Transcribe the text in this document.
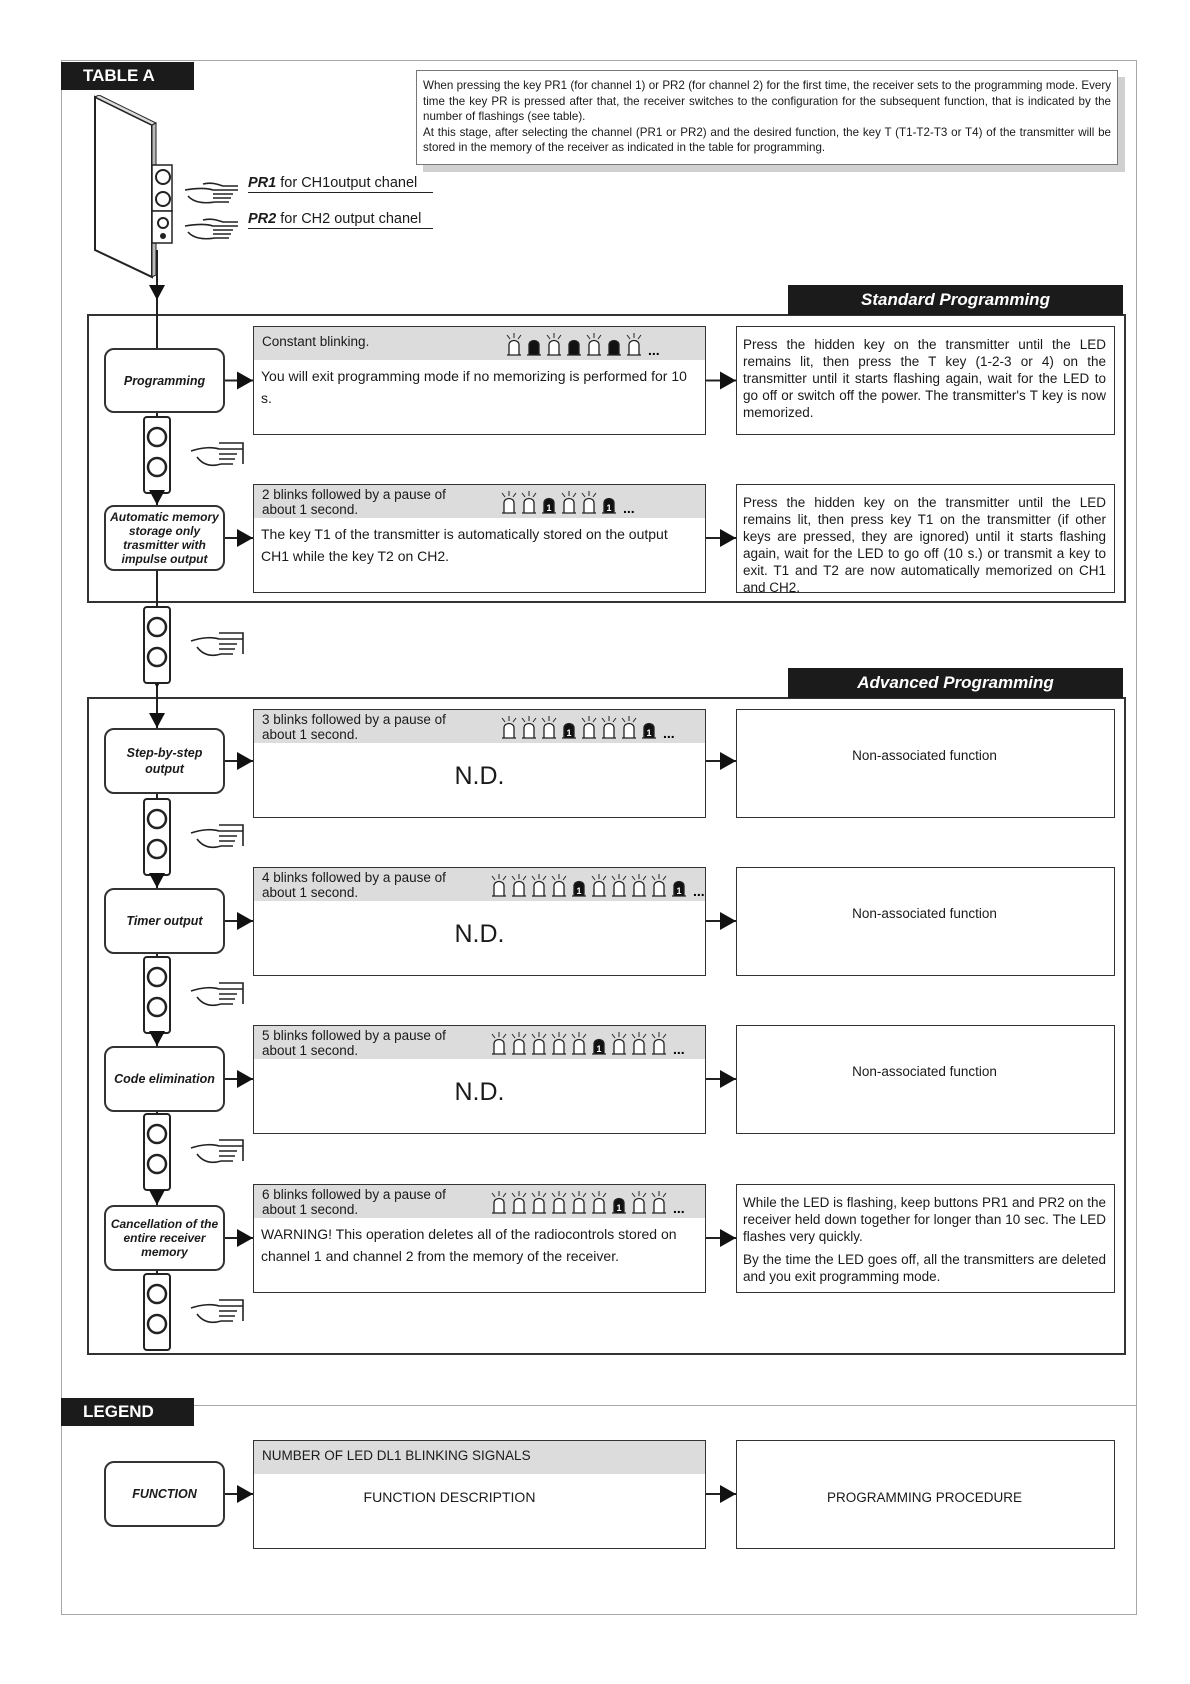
TABLE A

When pressing the key PR1 (for channel 1) or PR2 (for channel 2) for the first time, the receiver sets to the programming mode. Every time the key PR is pressed after that, the receiver switches to the configuration for the subsequent function, that is indicated by the number of flashings (see table).

At this stage, after selecting the channel (PR1 or PR2) and the desired function, the key T (T1-T2-T3 or T4) of the transmitter will be stored in the memory of the receiver as indicated in the table for programming.

PR1 for CH1output chanel
PR2 for CH2 output chanel
Standard Programming
Advanced Programming
LEGEND
Programming
Constant blinking.
...
You will exit programming mode if no memorizing is performed for 10 s.

Press the hidden key on the transmitter until the LED remains lit, then press the T key (1-2-3 or 4) on the transmitter until it starts flashing again, wait for the LED to go off or switch off the power. The transmitter's T key is now memorized.

Automatic memory storage only trasmitter with impulse output
2 blinks followed by a pause of about 1 second.	1	1 ...
The key T1 of the transmitter is automatically stored on the output CH1 while the key T2 on CH2.

Press the hidden key on the transmitter until the LED remains lit, then press key T1 on the transmitter (if other keys are pressed, they are ignored) until it starts flashing again, wait for the LED to go off (10 s.) or transmit a key to exit. T1 and T2 are now automatically memorized on CH1 and CH2.

Step-by-step output
3 blinks followed by a pause of about 1 second.	1	1 ...
N.D.

Non-associated function

Timer output
4 blinks followed by a pause of about 1 second.	1	1 ...
N.D.

Non-associated function

Code elimination
5 blinks followed by a pause of about 1 second.	1	...
N.D.

Non-associated function

Cancellation of the entire receiver memory
6 blinks followed by a pause of about 1 second.	1	...
WARNING! This operation deletes all of the radiocontrols stored on channel 1 and channel 2 from the memory of the receiver.

While the LED is flashing, keep buttons PR1 and PR2 on the receiver held down together for longer than 10 sec. The LED flashes very quickly.

By the time the LED goes off, all the transmitters are deleted and you exit programming mode.

FUNCTION
NUMBER OF LED DL1 BLINKING SIGNALS
FUNCTION DESCRIPTION	PROGRAMMING PROCEDURE
